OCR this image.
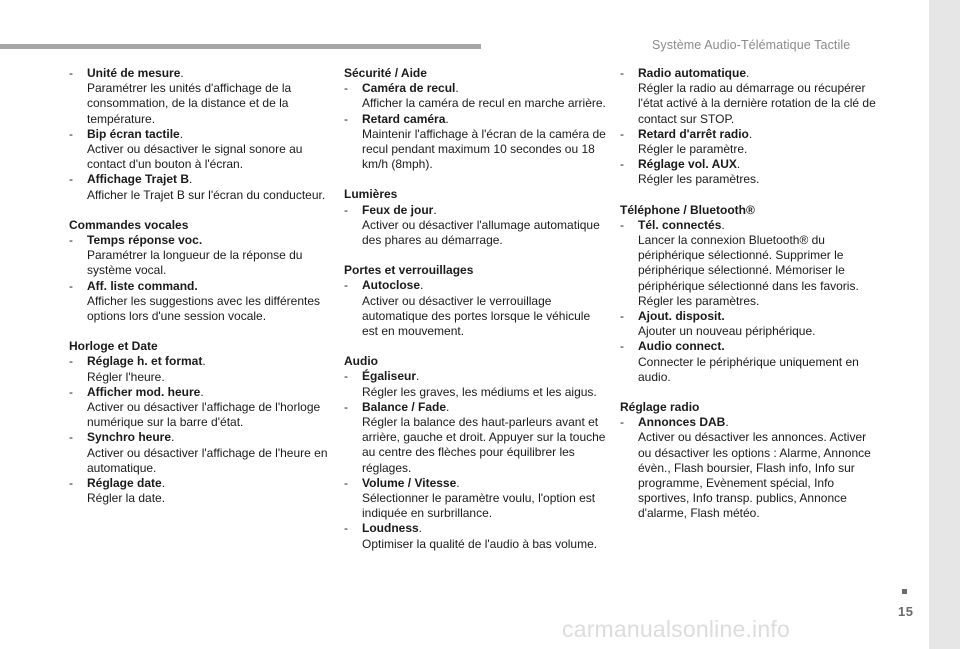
Système Audio-Télématique Tactile
- Unité de mesure.
Paramétrer les unités d'affichage de la consommation, de la distance et de la température.
- Bip écran tactile.
Activer ou désactiver le signal sonore au contact d'un bouton à l'écran.
- Affichage Trajet B.
Afficher le Trajet B sur l'écran du conducteur.
Commandes vocales
- Temps réponse voc.
Paramétrer la longueur de la réponse du système vocal.
- Aff. liste command.
Afficher les suggestions avec les différentes options lors d'une session vocale.
Horloge et Date
- Réglage h. et format.
Régler l'heure.
- Afficher mod. heure.
Activer ou désactiver l'affichage de l'horloge numérique sur la barre d'état.
- Synchro heure.
Activer ou désactiver l'affichage de l'heure en automatique.
- Réglage date.
Régler la date.
Sécurité / Aide
- Caméra de recul.
Afficher la caméra de recul en marche arrière.
- Retard caméra.
Maintenir l'affichage à l'écran de la caméra de recul pendant maximum 10 secondes ou 18 km/h (8mph).
Lumières
- Feux de jour.
Activer ou désactiver l'allumage automatique des phares au démarrage.
Portes et verrouillages
- Autoclose.
Activer ou désactiver le verrouillage automatique des portes lorsque le véhicule est en mouvement.
Audio
- Égaliseur.
Régler les graves, les médiums et les aigus.
- Balance / Fade.
Régler la balance des haut-parleurs avant et arrière, gauche et droit. Appuyer sur la touche au centre des flèches pour équilibrer les réglages.
- Volume / Vitesse.
Sélectionner le paramètre voulu, l'option est indiquée en surbrillance.
- Loudness.
Optimiser la qualité de l'audio à bas volume.
- Radio automatique.
Régler la radio au démarrage ou récupérer l'état activé à la dernière rotation de la clé de contact sur STOP.
- Retard d'arrêt radio.
Régler le paramètre.
- Réglage vol. AUX.
Régler les paramètres.
Téléphone / Bluetooth®
- Tél. connectés.
Lancer la connexion Bluetooth® du périphérique sélectionné. Supprimer le périphérique sélectionné. Mémoriser le périphérique sélectionné dans les favoris. Régler les paramètres.
- Ajout. disposit.
Ajouter un nouveau périphérique.
- Audio connect.
Connecter le périphérique uniquement en audio.
Réglage radio
- Annonces DAB.
Activer ou désactiver les annonces. Activer ou désactiver les options : Alarme, Annonce évèn., Flash boursier, Flash info, Info sur programme, Evènement spécial, Info sportives, Info transp. publics, Annonce d'alarme, Flash météo.
15
carmanualsonline.info
